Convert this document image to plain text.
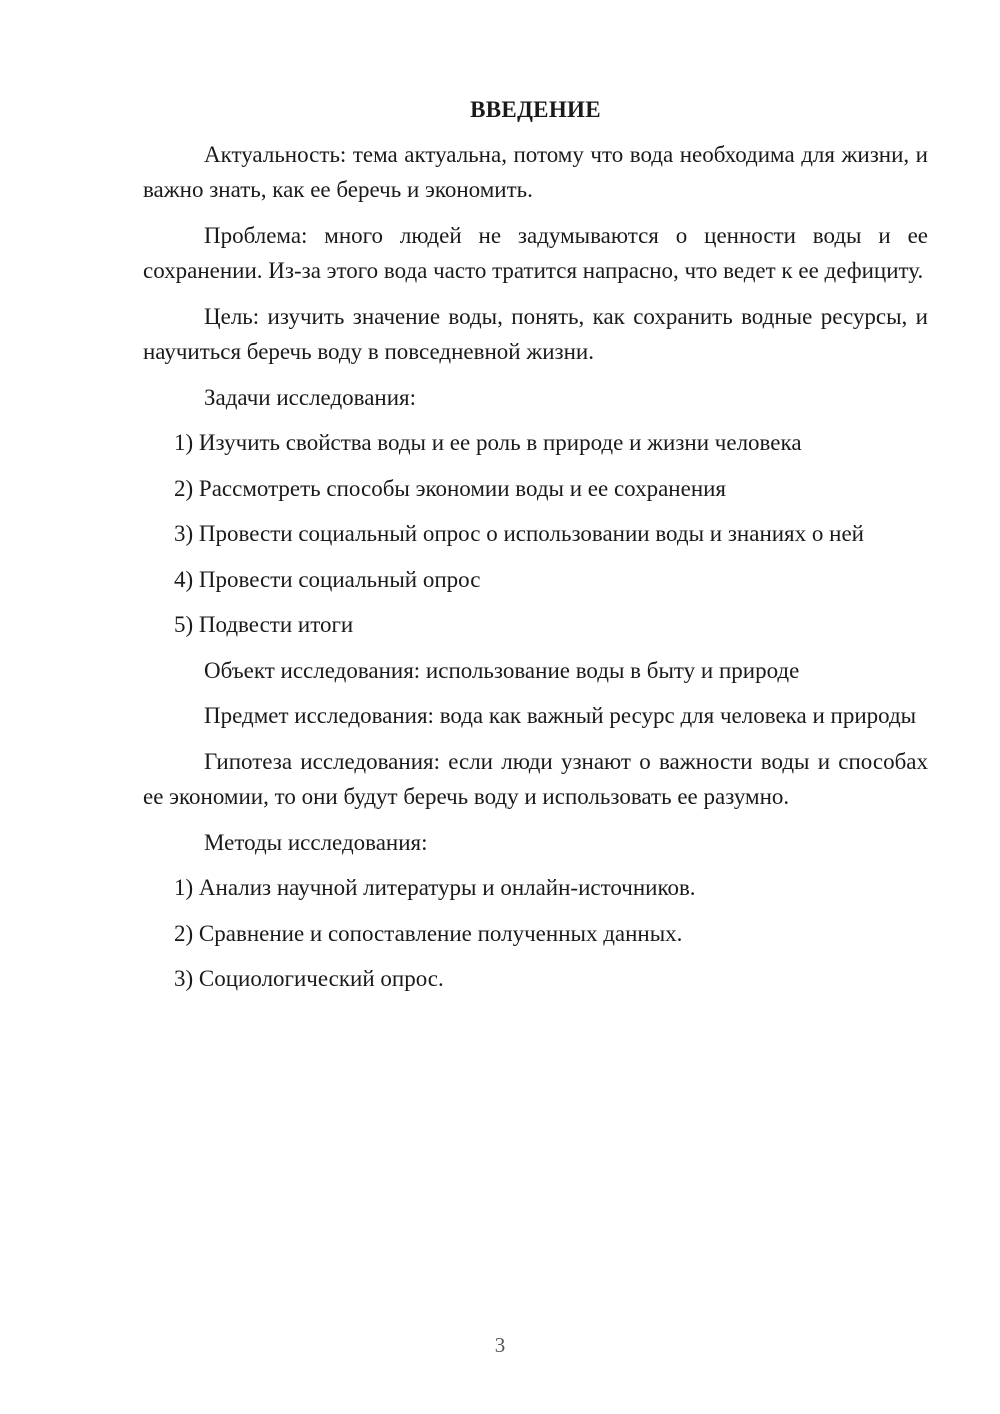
ВВЕДЕНИЕ

Актуальность: тема актуальна, потому что вода необходима для жизни, и важно знать, как ее беречь и экономить.

Проблема: много людей не задумываются о ценности воды и ее сохранении. Из-за этого вода часто тратится напрасно, что ведет к ее дефициту.

Цель: изучить значение воды, понять, как сохранить водные ресурсы, и научиться беречь воду в повседневной жизни.

Задачи исследования:

1) Изучить свойства воды и ее роль в природе и жизни человека

2) Рассмотреть способы экономии воды и ее сохранения

3) Провести социальный опрос о использовании воды и знаниях о ней

4) Провести социальный опрос

5) Подвести итоги

Объект исследования: использование воды в быту и природе

Предмет исследования: вода как важный ресурс для человека и природы

Гипотеза исследования: если люди узнают о важности воды и способах ее экономии, то они будут беречь воду и использовать ее разумно.

Методы исследования:

1) Анализ научной литературы и онлайн-источников.

2) Сравнение и сопоставление полученных данных.

3) Социологический опрос.

3
